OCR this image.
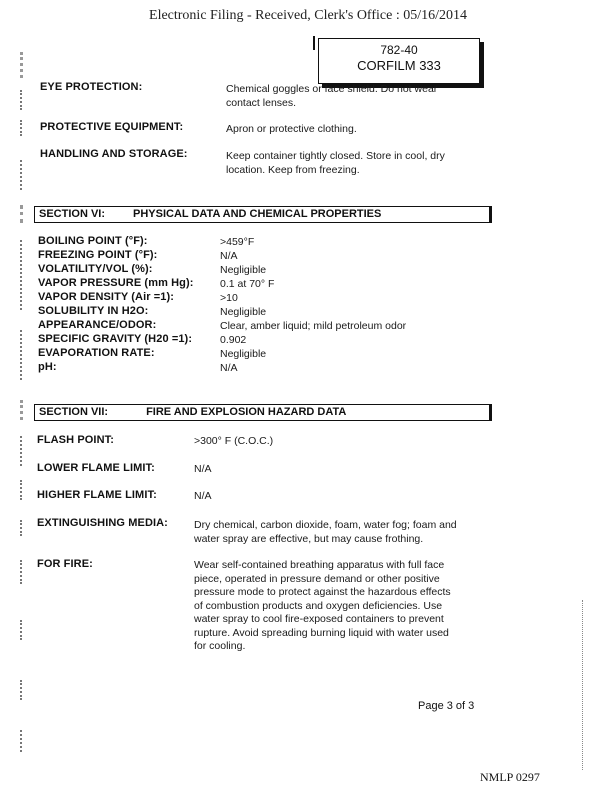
Electronic Filing - Received, Clerk's Office : 05/16/2014
782-40
CORFILM 333
EYE PROTECTION:	Chemical goggles or face shield. Do not wear
contact lenses.
PROTECTIVE EQUIPMENT:	Apron or protective clothing.
HANDLING AND STORAGE:	Keep container tightly closed. Store in cool, dry
location. Keep from freezing.
SECTION VI:	PHYSICAL DATA AND CHEMICAL PROPERTIES
BOILING POINT (°F):	>459°F
FREEZING POINT (°F):	N/A
VOLATILITY/VOL (%):	Negligible
VAPOR PRESSURE (mm Hg):	0.1 at 70° F
VAPOR DENSITY (Air =1):	>10
SOLUBILITY IN H2O:	Negligible
APPEARANCE/ODOR:	Clear, amber liquid; mild petroleum odor
SPECIFIC GRAVITY (H20 =1):	0.902
EVAPORATION RATE:	Negligible
pH:	N/A
SECTION VII:	FIRE AND EXPLOSION HAZARD DATA
FLASH POINT:	>300° F (C.O.C.)
LOWER FLAME LIMIT:	N/A
HIGHER FLAME LIMIT:	N/A
EXTINGUISHING MEDIA: Dry chemical, carbon dioxide, foam, water fog; foam and
water spray are effective, but may cause frothing.
FOR FIRE:	Wear self-contained breathing apparatus with full face
piece, operated in pressure demand or other positive
pressure mode to protect against the hazardous effects
of combustion products and oxygen deficiencies. Use
water spray to cool fire-exposed containers to prevent
rupture. Avoid spreading burning liquid with water used
for cooling.
Page 3 of 3
NMLP 0297
